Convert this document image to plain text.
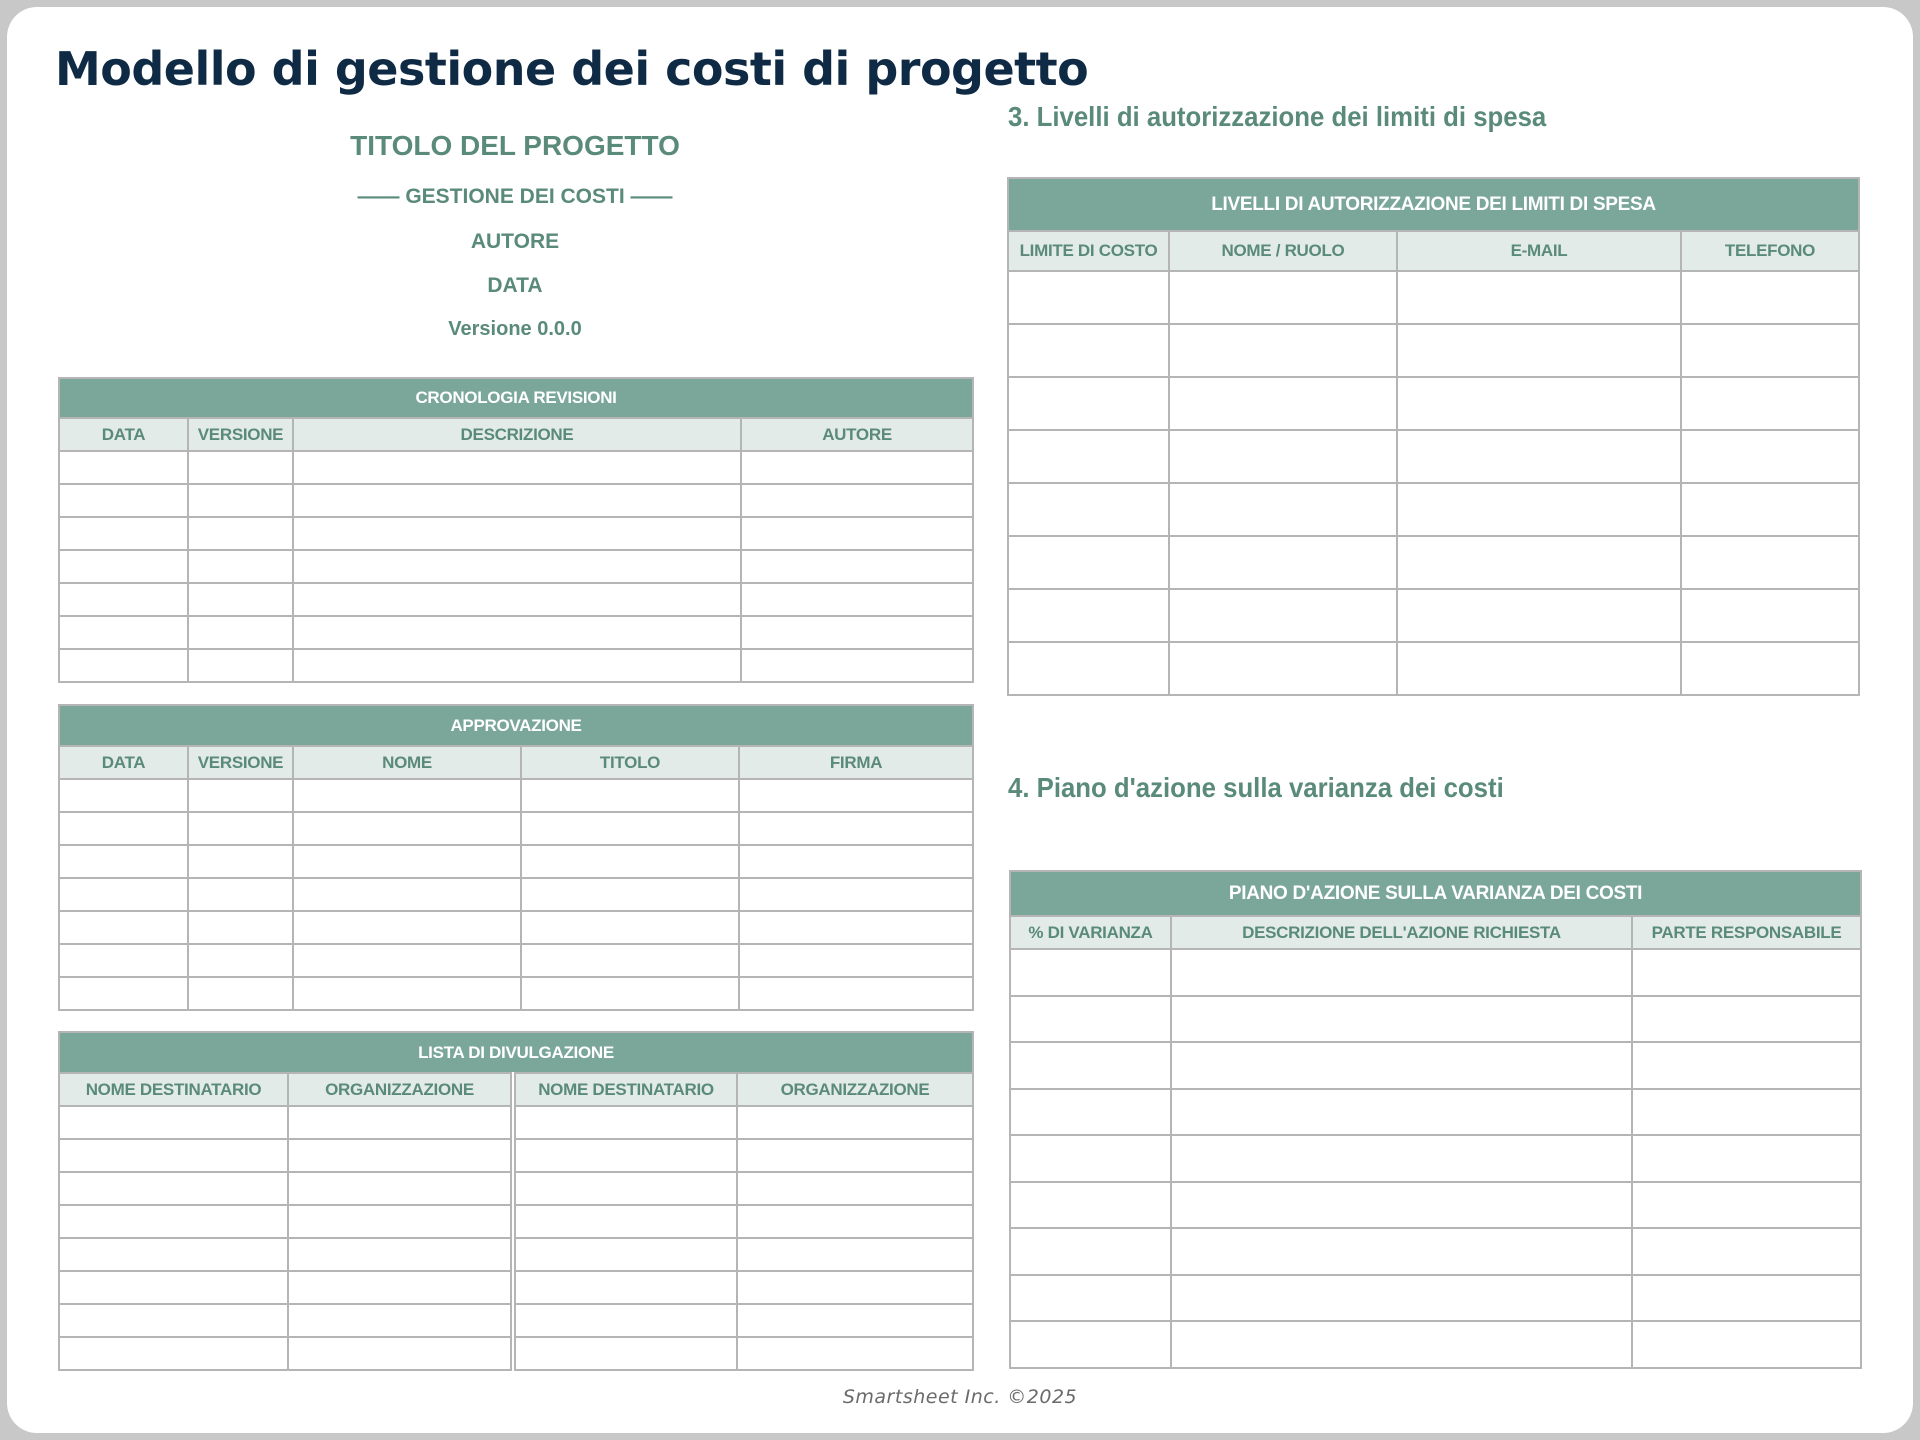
Modello di gestione dei costi di progetto
TITOLO DEL PROGETTO
—— GESTIONE DEI COSTI ——
AUTORE
DATA
Versione 0.0.0
CRONOLOGIA REVISIONI			
DATA	VERSIONE	DESCRIZIONE	AUTORE

APPROVAZIONE				
DATA	VERSIONE	NOME	TITOLO	FIRMA

LISTA DI DIVULGAZIONE			
NOME DESTINATARIO	ORGANIZZAZIONE	NOME DESTINATARIO	ORGANIZZAZIONE

3. Livelli di autorizzazione dei limiti di spesa
LIVELLI DI AUTORIZZAZIONE DEI LIMITI DI SPESA			
LIMITE DI COSTO	NOME / RUOLO	E-MAIL	TELEFONO

4. Piano d'azione sulla varianza dei costi
PIANO D'AZIONE SULLA VARIANZA DEI COSTI		
% DI VARIANZA	DESCRIZIONE DELL'AZIONE RICHIESTA	PARTE RESPONSABILE

Smartsheet Inc. ©2025
